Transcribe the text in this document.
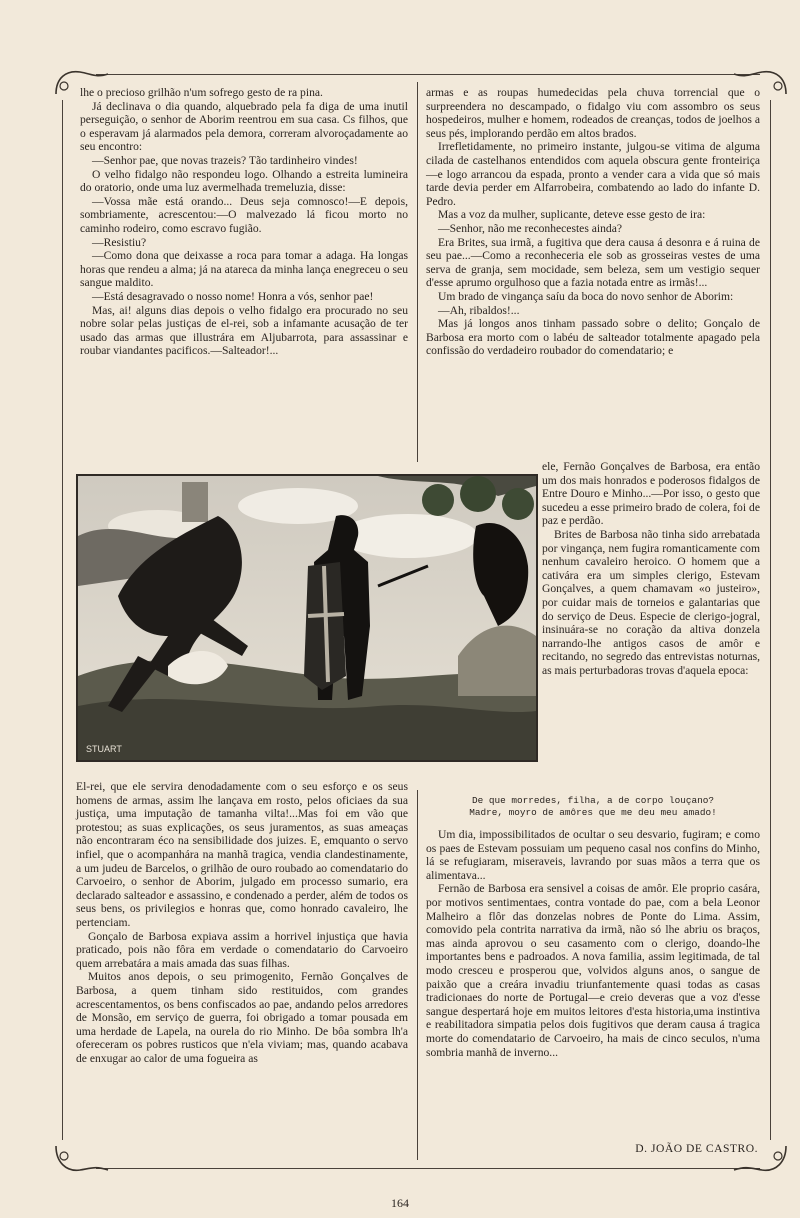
lhe o precioso grilhão n'um sofrego gesto de ra pina.

Já declinava o dia quando, alquebrado pela fa diga de uma inutil perseguição, o senhor de Aborim reentrou em sua casa. Cs filhos, que o esperavam já alarmados pela demora, correram alvoroçadamente ao seu encontro:

—Senhor pae, que novas trazeis? Tão tardinheiro vindes!

O velho fidalgo não respondeu logo. Olhando a estreita lumineira do oratorio, onde uma luz avermelhada tremeluzia, disse:

—Vossa mãe está orando... Deus seja comnosco!—E depois, sombriamente, acrescentou:—O malvezado lá ficou morto no caminho rodeiro, como escravo fugião.

—Resistiu?

—Como dona que deixasse a roca para tomar a adaga. Ha longas horas que rendeu a alma; já na atareca da minha lança enegreceu o seu sangue maldito.

—Está desagravado o nosso nome! Honra a vós, senhor pae!

Mas, ai! alguns dias depois o velho fidalgo era procurado no seu nobre solar pelas justiças de el-rei, sob a infamante acusação de ter usado das armas que illustrára em Aljubarrota, para assassinar e roubar viandantes pacificos.—Salteador!...

armas e as roupas humedecidas pela chuva torrencial que o surpreendera no descampado, o fidalgo viu com assombro os seus hospedeiros, mulher e homem, rodeados de creanças, todos de joelhos a seus pés, implorando perdão em altos brados.

Irrefletidamente, no primeiro instante, julgou-se vitima de alguma cilada de castelhanos entendidos com aquela obscura gente fronteiriça—e logo arrancou da espada, pronto a vender cara a vida que só mais tarde devia perder em Alfarrobeira, combatendo ao lado do infante D. Pedro.

Mas a voz da mulher, suplicante, deteve esse gesto de ira:

—Senhor, não me reconhecestes ainda?

Era Brites, sua irmã, a fugitiva que dera causa á desonra e á ruina de seu pae...—Como a reconheceria ele sob as grosseiras vestes de uma serva de granja, sem mocidade, sem beleza, sem um vestigio sequer d'esse aprumo orgulhoso que a fazia notada entre as irmãs!...

Um brado de vingança saíu da boca do novo senhor de Aborim:

—Ah, ribaldos!...

Mas já longos anos tinham passado sobre o delito; Gonçalo de Barbosa era morto com o labéu de salteador totalmente apagado pela confissão do verdadeiro roubador do comendatario; e

ele, Fernão Gonçalves de Barbosa, era então um dos mais honrados e poderosos fidalgos de Entre Douro e Minho...—Por isso, o gesto que sucedeu a esse primeiro brado de colera, foi de paz e perdão.

Brites de Barbosa não tinha sido arrebatada por vingança, nem fugira romanticamente com nenhum cavaleiro heroico. O homem que a cativára era um simples clerigo, Estevam Gonçalves, a quem chamavam «o justeiro», por cuidar mais de torneios e galantarias que do serviço de Deus. Especie de clerigo-jogral, insinuára-se no coração da altiva donzela narrando-lhe antigos casos de amôr e recitando, no segredo das entrevistas noturnas, as mais perturbadoras trovas d'aquela epoca:

STUART
De que morredes, filha, a de corpo louçano?
Madre, moyro de amôres que me deu meu amado!

El-rei, que ele servira denodadamente com o seu esforço e os seus homens de armas, assim lhe lançava em rosto, pelos oficiaes da sua justiça, uma imputação de tamanha vilta!...Mas foi em vão que protestou; as suas explicações, os seus juramentos, as suas ameaças não encontraram éco na sensibilidade dos juizes. E, emquanto o servo infiel, que o acompanhára na manhã tragica, vendia clandestinamente, a um judeu de Barcelos, o grilhão de ouro roubado ao comendatario do Carvoeiro, o senhor de Aborim, julgado em processo sumario, era declarado salteador e assassino, e condenado a perder, além de todos os seus bens, os privilegios e honras que, como honrado cavaleiro, lhe pertenciam.

Gonçalo de Barbosa expiava assim a horrivel injustiça que havia praticado, pois não fôra em verdade o comendatario do Carvoeiro quem arrebatára a mais amada das suas filhas.

Muitos anos depois, o seu primogenito, Fernão Gonçalves de Barbosa, a quem tinham sido restituidos, com grandes acrescentamentos, os bens confiscados ao pae, andando pelos arredores de Monsão, em serviço de guerra, foi obrigado a tomar pousada em uma herdade de Lapela, na ourela do rio Minho. De bôa sombra lh'a ofereceram os pobres rusticos que n'ela viviam; mas, quando acabava de enxugar ao calor de uma fogueira as

Um dia, impossibilitados de ocultar o seu desvario, fugiram; e como os paes de Estevam possuiam um pequeno casal nos confins do Minho, lá se refugiaram, miseraveis, lavrando por suas mãos a terra que os alimentava...

Fernão de Barbosa era sensivel a coisas de amôr. Ele proprio casára, por motivos sentimentaes, contra vontade do pae, com a bela Leonor Malheiro a flôr das donzelas nobres de Ponte do Lima. Assim, comovido pela contrita narrativa da irmã, não só lhe abriu os braços, mas ainda aprovou o seu casamento com o clerigo, doando-lhe importantes bens e padroados. A nova familia, assim legitimada, de tal modo cresceu e prosperou que, volvidos alguns anos, o sangue de paixão que a creára invadiu triunfantemente quasi todas as casas tradicionaes do norte de Portugal—e creio deveras que a voz d'esse sangue despertará hoje em muitos leitores d'esta historia,uma instintiva e reabilitadora simpatia pelos dois fugitivos que deram causa á tragica morte do comendatario de Carvoeiro, ha mais de cinco seculos, n'uma sombria manhã de inverno...

D. JOÃO DE CASTRO.
164
